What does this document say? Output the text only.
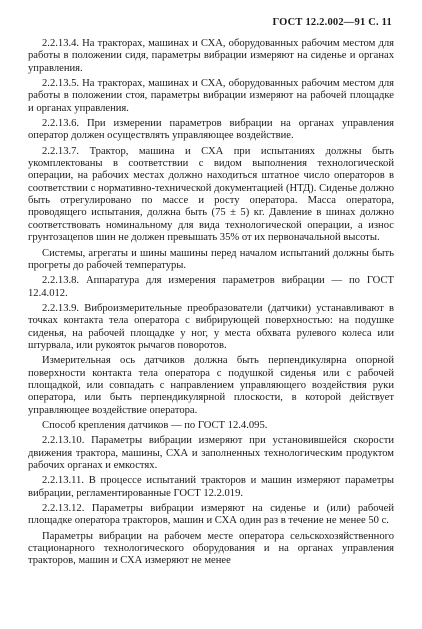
ГОСТ 12.2.002—91 С. 11

2.2.13.4. На тракторах, машинах и СХА, оборудованных рабочим местом для работы в положении сидя, параметры вибрации измеряют на сиденье и органах управления.

2.2.13.5. На тракторах, машинах и СХА, оборудованных рабочим местом для работы в положении стоя, параметры вибрации измеряют на рабочей площадке и органах управления.

2.2.13.6. При измерении параметров вибрации на органах управления оператор должен осуществлять управляющее воздействие.

2.2.13.7. Трактор, машина и СХА при испытаниях должны быть укомплектованы в соответствии с видом выполнения технологической операции, на рабочих местах должно находиться штатное число операторов в соответствии с нормативно-технической документацией (НТД). Сиденье должно быть отрегулировано по массе и росту оператора. Масса оператора, проводящего испытания, должна быть (75 ± 5) кг. Давление в шинах должно соответствовать номинальному для вида технологической операции, а износ грунтозацепов шин не должен превышать 35% от их первоначальной высоты.

Системы, агрегаты и шины машины перед началом испытаний должны быть прогреты до рабочей температуры.

2.2.13.8. Аппаратура для измерения параметров вибрации — по ГОСТ 12.4.012.

2.2.13.9. Виброизмерительные преобразователи (датчики) устанавливают в точках контакта тела оператора с вибрирующей поверхностью: на подушке сиденья, на рабочей площадке у ног, у места обхвата рулевого колеса или штурвала, или рукояток рычагов поворотов.

Измерительная ось датчиков должна быть перпендикулярна опорной поверхности контакта тела оператора с подушкой сиденья или с рабочей площадкой, или совпадать с направлением управляющего воздействия руки оператора, или быть перпендикулярной плоскости, в которой действует управляющее воздействие оператора.

Способ крепления датчиков — по ГОСТ 12.4.095.

2.2.13.10. Параметры вибрации измеряют при установившейся скорости движения трактора, машины, СХА и заполненных технологическим продуктом рабочих органах и емкостях.

2.2.13.11. В процессе испытаний тракторов и машин измеряют параметры вибрации, регламентированные ГОСТ 12.2.019.

2.2.13.12. Параметры вибрации измеряют на сиденье и (или) рабочей площадке оператора тракторов, машин и СХА один раз в течение не менее 50 с.

Параметры вибрации на рабочем месте оператора сельскохозяйственного стационарного технологического оборудования и на органах управления тракторов, машин и СХА измеряют не менее
